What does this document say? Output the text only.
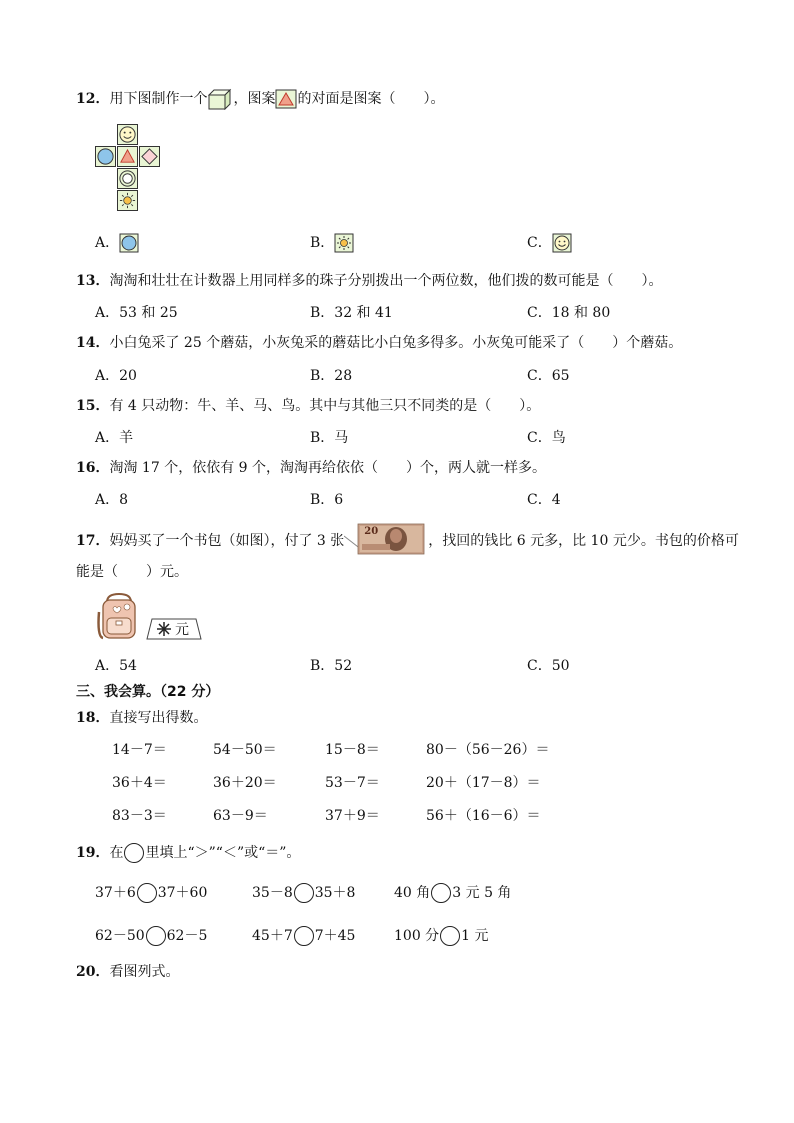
12．用下图制作一个 ，图案 的对面是图案（　　）。
A．	B．	C．
13．淘淘和壮壮在计数器上用同样多的珠子分别拨出一个两位数，他们拨的数可能是（　　）。
A．53 和 25	B．32 和 41	C．18 和 80
14．小白兔采了 25 个蘑菇，小灰兔采的蘑菇比小白兔多得多。小灰兔可能采了（　　）个蘑菇。
A．20	B．28	C．65
15．有 4 只动物：牛、羊、马、鸟。其中与其他三只不同类的是（　　）。
A．羊	B．马	C．鸟
16．淘淘 17 个，依依有 9 个，淘淘再给依依（　　）个，两人就一样多。
A．8	B．6	C．4
17．妈妈买了一个书包（如图），付了 3 张
20
，找回的钱比 6 元多，比 10 元少。书包的价格可
能是（　　）元。
元
A．54	B．52	C．50
三、我会算。（22 分）
18．直接写出得数。
14－7＝	54－50＝	15－8＝	80－（56－26）＝
36＋4＝	36＋20＝	53－7＝	20＋（17－8）＝
83－3＝	63－9＝	37＋9＝	56＋（16－6）＝
19．在 里填上“＞”“＜”或“＝”。
37＋6 37＋60	35－8 35＋8	40 角 3 元 5 角
62－50 62－5	45＋7 7＋45	100 分 1 元
20．看图列式。
